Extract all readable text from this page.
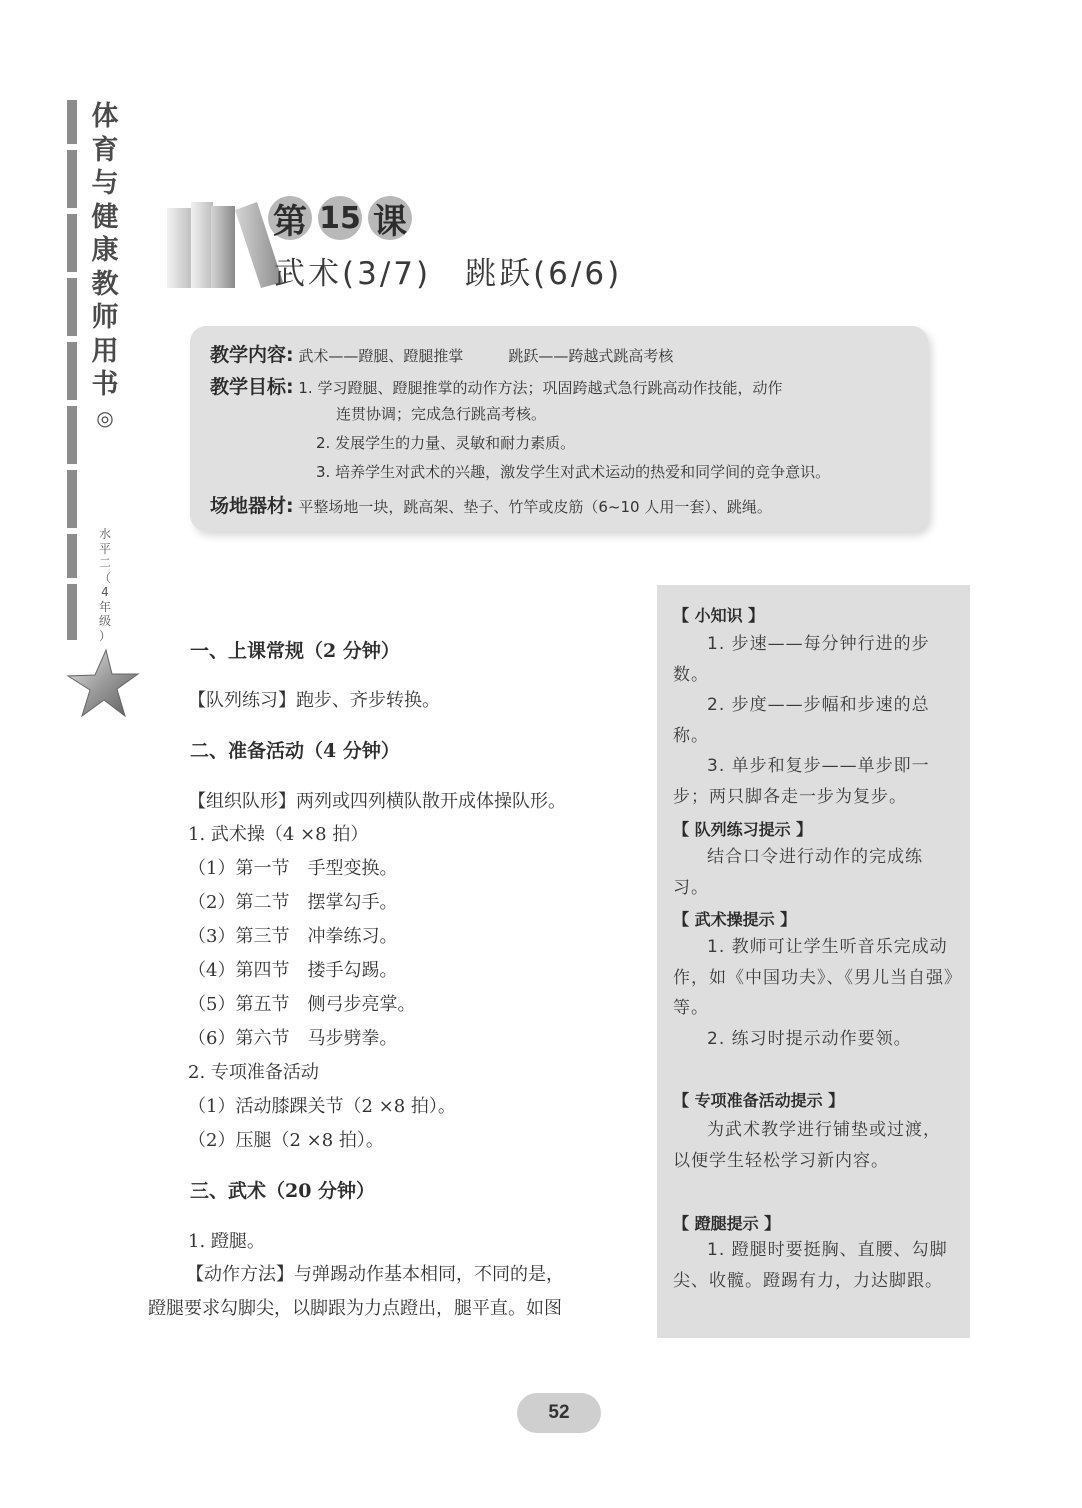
体
育
与
健
康
教
师
用
书
◎
水
平
二
（
4
年
级
）
第 15 课
武术(3/7)　跳跃(6/6)
教学内容: 武术——蹬腿、蹬腿推掌　　　跳跃——跨越式跳高考核
教学目标: 1. 学习蹬腿、蹬腿推掌的动作方法；巩固跨越式急行跳高动作技能，动作
连贯协调；完成急行跳高考核。
2. 发展学生的力量、灵敏和耐力素质。
3. 培养学生对武术的兴趣，激发学生对武术运动的热爱和同学间的竞争意识。
场地器材: 平整场地一块，跳高架、垫子、竹竿或皮筋（6~10 人用一套）、跳绳。
一、上课常规（2 分钟）
【队列练习】跑步、齐步转换。
二、准备活动（4 分钟）
【组织队形】两列或四列横队散开成体操队形。
1. 武术操（4 ×8 拍）
（1）第一节　手型变换。
（2）第二节　摆掌勾手。
（3）第三节　冲拳练习。
（4）第四节　搂手勾踢。
（5）第五节　侧弓步亮掌。
（6）第六节　马步劈拳。
2. 专项准备活动
（1）活动膝踝关节（2 ×8 拍）。
（2）压腿（2 ×8 拍）。
三、武术（20 分钟）
1. 蹬腿。
【动作方法】与弹踢动作基本相同，不同的是，
蹬腿要求勾脚尖，以脚跟为力点蹬出，腿平直。如图
【 小知识 】
1. 步速——每分钟行进的步数。
2. 步度——步幅和步速的总称。
3. 单步和复步——单步即一步；两只脚各走一步为复步。
【 队列练习提示 】
结合口令进行动作的完成练习。
【 武术操提示 】
1. 教师可让学生听音乐完成动作，如《中国功夫》、《男儿当自强》等。
2. 练习时提示动作要领。
【 专项准备活动提示 】
为武术教学进行铺垫或过渡，以便学生轻松学习新内容。
【 蹬腿提示 】
1. 蹬腿时要挺胸、直腰、勾脚尖、收髋。蹬踢有力，力达脚跟。
52
